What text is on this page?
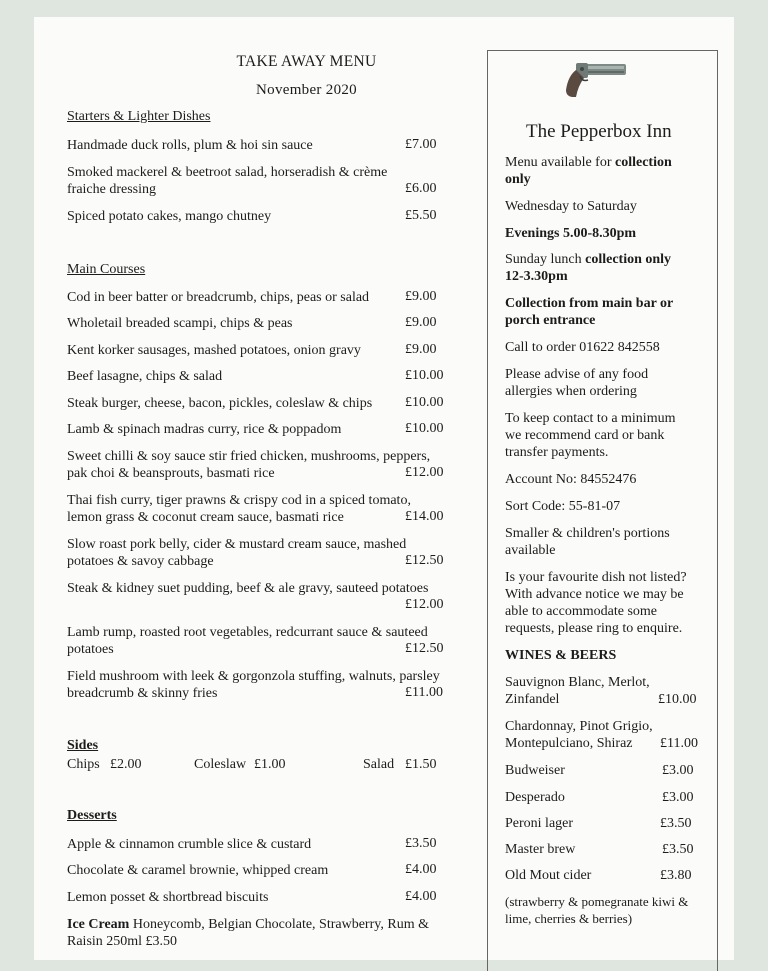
TAKE AWAY MENU
November 2020
Starters & Lighter Dishes
Handmade duck rolls, plum & hoi sin sauce	£7.00
Smoked mackerel & beetroot salad, horseradish & crème
fraiche dressing	£6.00
Spiced potato cakes, mango chutney	£5.50
Main Courses
Cod in beer batter or breadcrumb, chips, peas or salad	£9.00
Wholetail breaded scampi, chips & peas	£9.00
Kent korker sausages, mashed potatoes, onion gravy	£9.00
Beef lasagne, chips & salad	£10.00
Steak burger, cheese, bacon, pickles, coleslaw & chips £10.00
Lamb & spinach madras curry, rice & poppadom	£10.00
Sweet chilli & soy sauce stir fried chicken, mushrooms, peppers,
pak choi & beansprouts, basmati rice	£12.00
Thai fish curry, tiger prawns & crispy cod in a spiced tomato,
lemon grass & coconut cream sauce, basmati rice	£14.00
Slow roast pork belly, cider & mustard cream sauce, mashed
potatoes & savoy cabbage	£12.50
Steak & kidney suet pudding, beef & ale gravy, sauteed potatoes
£12.00
Lamb rump, roasted root vegetables, redcurrant sauce & sauteed
potatoes	£12.50
Field mushroom with leek & gorgonzola stuffing, walnuts, parsley
breadcrumb & skinny fries	£11.00
Sides
Chips £2.00	Coleslaw £1.00	Salad £1.50
Desserts
Apple & cinnamon crumble slice & custard	£3.50
Chocolate & caramel brownie, whipped cream	£4.00
Lemon posset & shortbread biscuits	£4.00
Ice Cream Honeycomb, Belgian Chocolate, Strawberry, Rum &
Raisin 250ml £3.50
The Pepperbox Inn
Menu available for collection
only
Wednesday to Saturday
Evenings 5.00-8.30pm
Sunday lunch collection only
12-3.30pm
Collection from main bar or
porch entrance
Call to order 01622 842558
Please advise of any food
allergies when ordering
To keep contact to a minimum
we recommend card or bank
transfer payments.
Account No: 84552476
Sort Code: 55-81-07
Smaller & children's portions
available
Is your favourite dish not listed?
With advance notice we may be
able to accommodate some
requests, please ring to enquire.
WINES & BEERS
Sauvignon Blanc, Merlot,
Zinfandel	£10.00
Chardonnay, Pinot Grigio,
Montepulciano, Shiraz	£11.00
Budweiser	£3.00
Desperado	£3.00
Peroni lager	£3.50
Master brew	£3.50
Old Mout cider	£3.80
(strawberry & pomegranate kiwi &
lime, cherries & berries)
